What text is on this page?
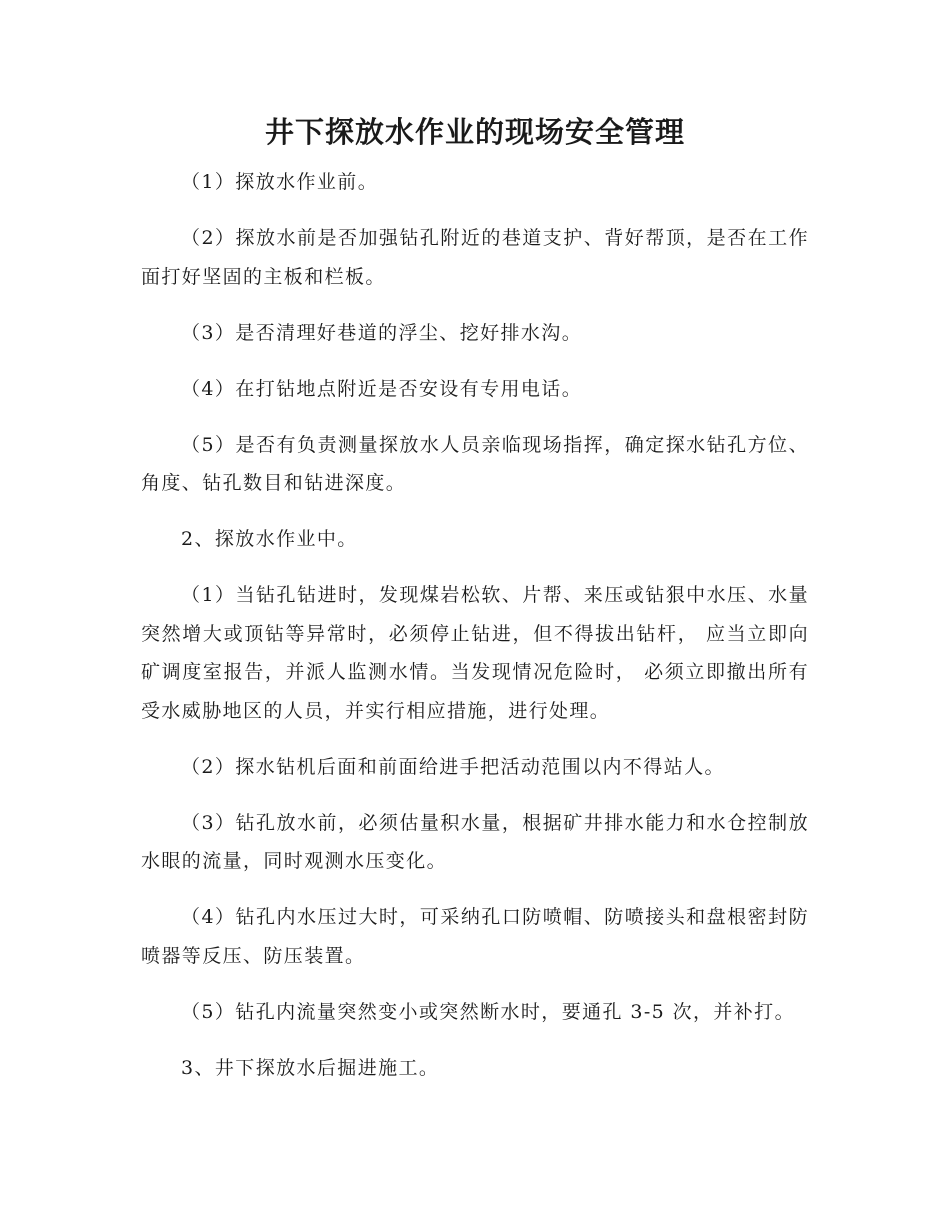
井下探放水作业的现场安全管理

（1）探放水作业前。

（2）探放水前是否加强钻孔附近的巷道支护、背好帮顶，是否在工作面打好坚固的主板和栏板。

（3）是否清理好巷道的浮尘、挖好排水沟。

（4）在打钻地点附近是否安设有专用电话。

（5）是否有负责测量探放水人员亲临现场指挥，确定探水钻孔方位、角度、钻孔数目和钻进深度。

2、探放水作业中。

（1）当钻孔钻进时，发现煤岩松软、片帮、来压或钻狠中水压、水量突然增大或顶钻等异常时，必须停止钻进，但不得拔出钻杆， 应当立即向矿调度室报告，并派人监测水情。当发现情况危险时， 必须立即撤出所有受水威胁地区的人员，并实行相应措施，进行处理。

（2）探水钻机后面和前面给进手把活动范围以内不得站人。

（3）钻孔放水前，必须估量积水量，根据矿井排水能力和水仓控制放水眼的流量，同时观测水压变化。

（4）钻孔内水压过大时，可采纳孔口防喷帽、防喷接头和盘根密封防喷器等反压、防压装置。

（5）钻孔内流量突然变小或突然断水时，要通孔 3-5 次，并补打。

3、井下探放水后掘进施工。
